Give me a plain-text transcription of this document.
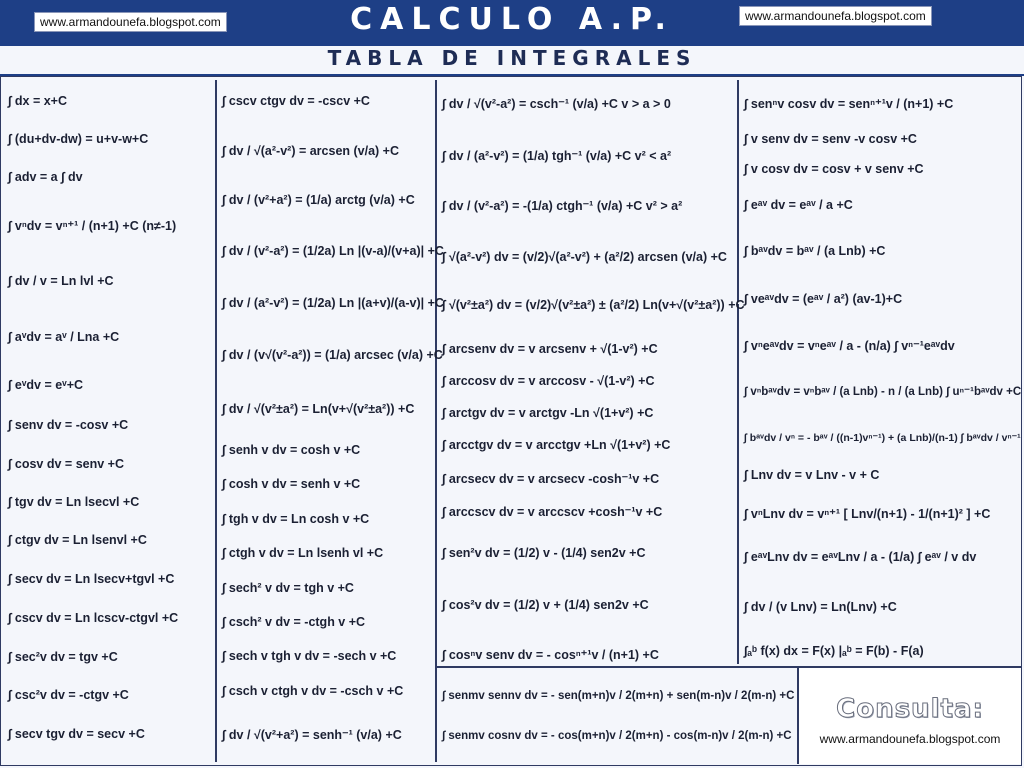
www.armandounefa.blogspot.com	www.armandounefa.blogspot.com
CALCULO A.P.
TABLA DE INTEGRALES
∫ dx = x+C
∫ (du+dv-dw) = u+v-w+C
∫ adv = a ∫ dv
∫ vⁿdv = vⁿ⁺¹ / (n+1) +C (n≠-1)
∫ dv / v = Ln lvl +C
∫ aᵛdv = aᵛ / Lna +C
∫ eᵛdv = eᵛ+C
∫ senv dv = -cosv +C
∫ cosv dv = senv +C
∫ tgv dv = Ln lsecvl +C
∫ ctgv dv = Ln lsenvl +C
∫ secv dv = Ln lsecv+tgvl +C
∫ cscv dv = Ln lcscv-ctgvl +C
∫ sec²v dv = tgv +C
∫ csc²v dv = -ctgv +C
∫ secv tgv dv = secv +C
∫ cscv ctgv dv = -cscv +C
∫ dv / √(a²-v²) = arcsen (v/a) +C
∫ dv / (v²+a²) = (1/a) arctg (v/a) +C
∫ dv / (v²-a²) = (1/2a) Ln |(v-a)/(v+a)| +C
∫ dv / (a²-v²) = (1/2a) Ln |(a+v)/(a-v)| +C
∫ dv / (v√(v²-a²)) = (1/a) arcsec (v/a) +C
∫ dv / √(v²±a²) = Ln(v+√(v²±a²)) +C
∫ senh v dv = cosh v +C
∫ cosh v dv = senh v +C
∫ tgh v dv = Ln cosh v +C
∫ ctgh v dv = Ln lsenh vl +C
∫ sech² v dv = tgh v +C
∫ csch² v dv = -ctgh v +C
∫ sech v tgh v dv = -sech v +C
∫ csch v ctgh v dv = -csch v +C
∫ dv / √(v²+a²) = senh⁻¹ (v/a) +C
∫ dv / √(v²-a²) = csch⁻¹ (v/a) +C v > a > 0
∫ dv / (a²-v²) = (1/a) tgh⁻¹ (v/a) +C v² < a²
∫ dv / (v²-a²) = -(1/a) ctgh⁻¹ (v/a) +C v² > a²
∫ √(a²-v²) dv = (v/2)√(a²-v²) + (a²/2) arcsen (v/a) +C
∫ √(v²±a²) dv = (v/2)√(v²±a²) ± (a²/2) Ln(v+√(v²±a²)) +C
∫ arcsenv dv = v arcsenv + √(1-v²) +C
∫ arccosv dv = v arccosv - √(1-v²) +C
∫ arctgv dv = v arctgv -Ln √(1+v²) +C
∫ arcctgv dv = v arcctgv +Ln √(1+v²) +C
∫ arcsecv dv = v arcsecv -cosh⁻¹v +C
∫ arccscv dv = v arccscv +cosh⁻¹v +C
∫ sen²v dv = (1/2) v - (1/4) sen2v +C
∫ cos²v dv = (1/2) v + (1/4) sen2v +C
∫ cosⁿv senv dv = - cosⁿ⁺¹v / (n+1) +C
∫ senmv sennv dv = - sen(m+n)v / 2(m+n) + sen(m-n)v / 2(m-n) +C
∫ senmv cosnv dv = - cos(m+n)v / 2(m+n) - cos(m-n)v / 2(m-n) +C
∫ senⁿv cosv dv = senⁿ⁺¹v / (n+1) +C
∫ v senv dv = senv -v cosv +C
∫ v cosv dv = cosv + v senv +C
∫ eᵃᵛ dv = eᵃᵛ / a +C
∫ bᵃᵛdv = bᵃᵛ / (a Lnb) +C
∫ veᵃᵛdv = (eᵃᵛ / a²) (av-1)+C
∫ vⁿeᵃᵛdv = vⁿeᵃᵛ / a - (n/a) ∫ vⁿ⁻¹eᵃᵛdv
∫ vⁿbᵃᵛdv = vⁿbᵃᵛ / (a Lnb) - n / (a Lnb) ∫ uⁿ⁻¹bᵃᵛdv +C
∫ bᵃᵛdv / vⁿ = - bᵃᵛ / ((n-1)vⁿ⁻¹) + (a Lnb)/(n-1) ∫ bᵃᵛdv / vⁿ⁻¹
∫ Lnv dv = v Lnv - v + C
∫ vⁿLnv dv = vⁿ⁺¹ [ Lnv/(n+1) - 1/(n+1)² ] +C
∫ eᵃᵛLnv dv = eᵃᵛLnv / a - (1/a) ∫ eᵃᵛ / v dv
∫ dv / (v Lnv) = Ln(Lnv) +C
∫ₐᵇ f(x) dx = F(x) |ₐᵇ = F(b) - F(a)
Consulta:
www.armandounefa.blogspot.com
